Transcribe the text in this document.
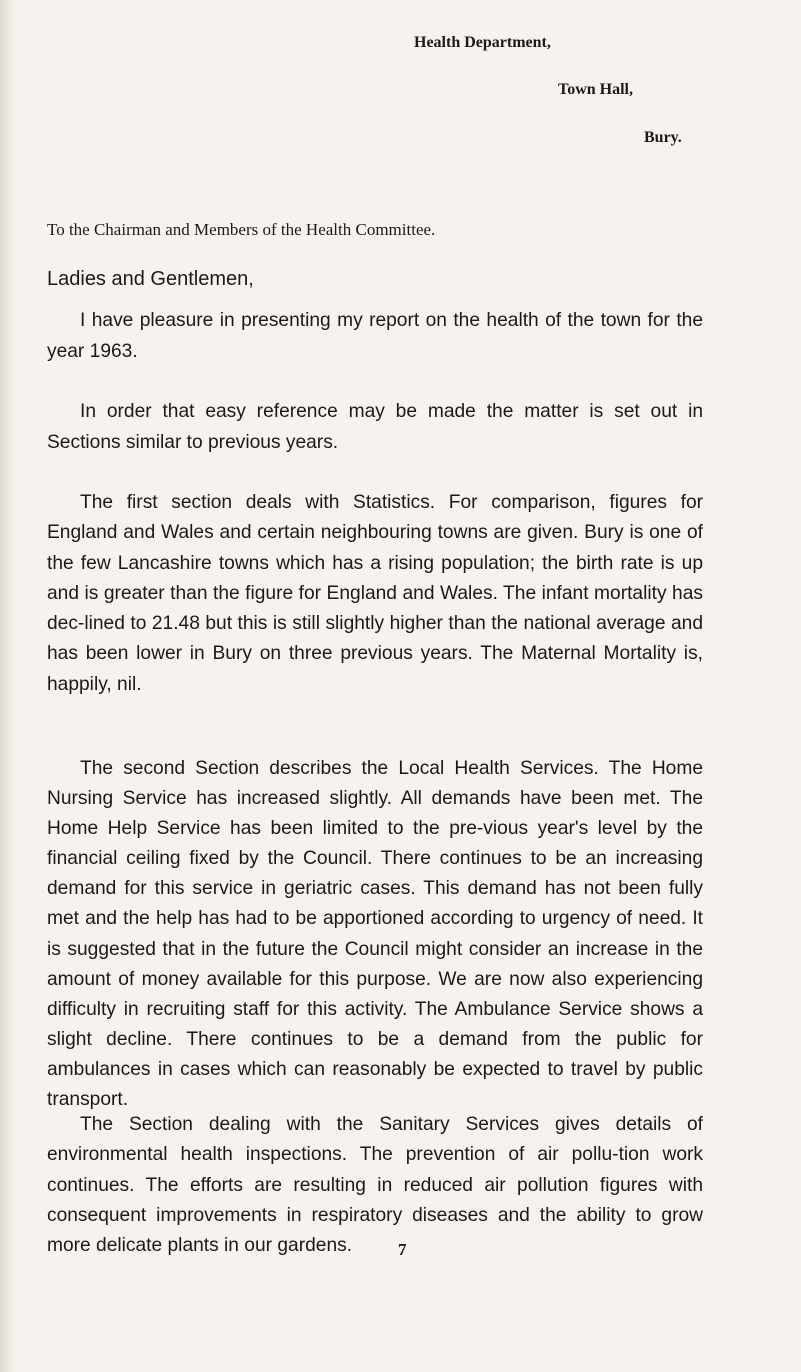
Health Department,
Town Hall,
Bury.
To the Chairman and Members of the Health Committee.
Ladies and Gentlemen,

I have pleasure in presenting my report on the health of the town for the year 1963.

In order that easy reference may be made the matter is set out in Sections similar to previous years.

The first section deals with Statistics. For comparison, figures for England and Wales and certain neighbouring towns are given. Bury is one of the few Lancashire towns which has a rising population; the birth rate is up and is greater than the figure for England and Wales. The infant mortality has dec-lined to 21.48 but this is still slightly higher than the national average and has been lower in Bury on three previous years. The Maternal Mortality is, happily, nil.

The second Section describes the Local Health Services. The Home Nursing Service has increased slightly. All demands have been met. The Home Help Service has been limited to the pre-vious year's level by the financial ceiling fixed by the Council. There continues to be an increasing demand for this service in geriatric cases. This demand has not been fully met and the help has had to be apportioned according to urgency of need. It is suggested that in the future the Council might consider an increase in the amount of money available for this purpose. We are now also experiencing difficulty in recruiting staff for this activity. The Ambulance Service shows a slight decline. There continues to be a demand from the public for ambulances in cases which can reasonably be expected to travel by public transport.

The Section dealing with the Sanitary Services gives details of environmental health inspections. The prevention of air pollu-tion work continues. The efforts are resulting in reduced air pollution figures with consequent improvements in respiratory diseases and the ability to grow more delicate plants in our gardens.	7
